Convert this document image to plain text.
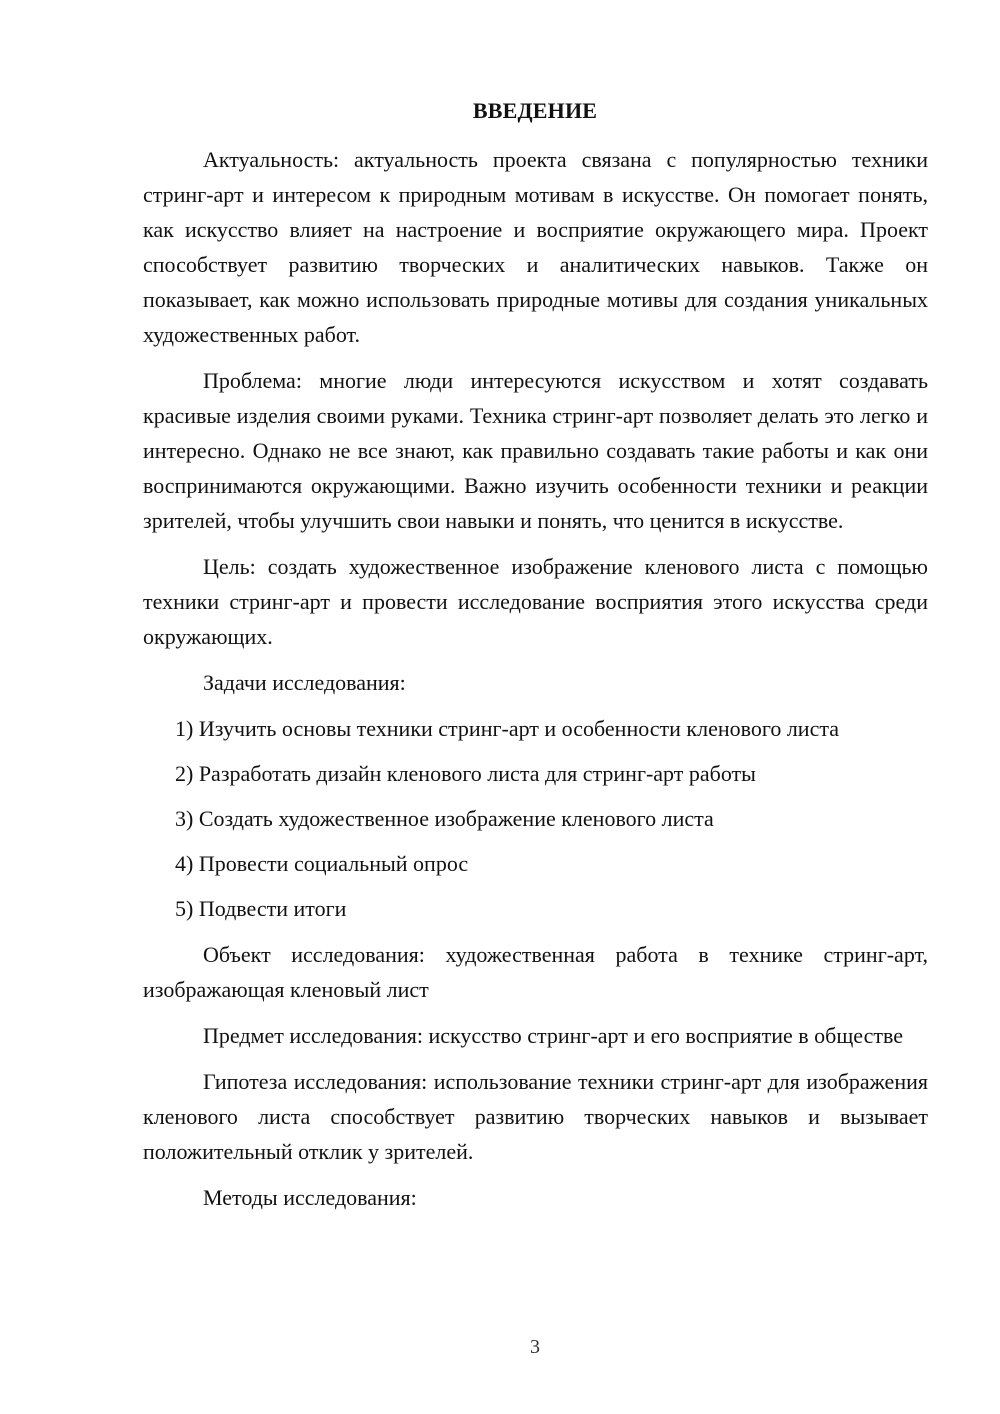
ВВЕДЕНИЕ

Актуальность: актуальность проекта связана с популярностью техники стринг-арт и интересом к природным мотивам в искусстве. Он помогает понять, как искусство влияет на настроение и восприятие окружающего мира. Проект способствует развитию творческих и аналитических навыков. Также он показывает, как можно использовать природные мотивы для создания уникальных художественных работ.

Проблема: многие люди интересуются искусством и хотят создавать красивые изделия своими руками. Техника стринг-арт позволяет делать это легко и интересно. Однако не все знают, как правильно создавать такие работы и как они воспринимаются окружающими. Важно изучить особенности техники и реакции зрителей, чтобы улучшить свои навыки и понять, что ценится в искусстве.

Цель: создать художественное изображение кленового листа с помощью техники стринг-арт и провести исследование восприятия этого искусства среди окружающих.

Задачи исследования:

1) Изучить основы техники стринг-арт и особенности кленового листа
2) Разработать дизайн кленового листа для стринг-арт работы
3) Создать художественное изображение кленового листа
4) Провести социальный опрос
5) Подвести итоги

Объект исследования: художественная работа в технике стринг-арт, изображающая кленовый лист

Предмет исследования: искусство стринг-арт и его восприятие в обществе

Гипотеза исследования: использование техники стринг-арт для изображения кленового листа способствует развитию творческих навыков и вызывает положительный отклик у зрителей.

Методы исследования:

3
